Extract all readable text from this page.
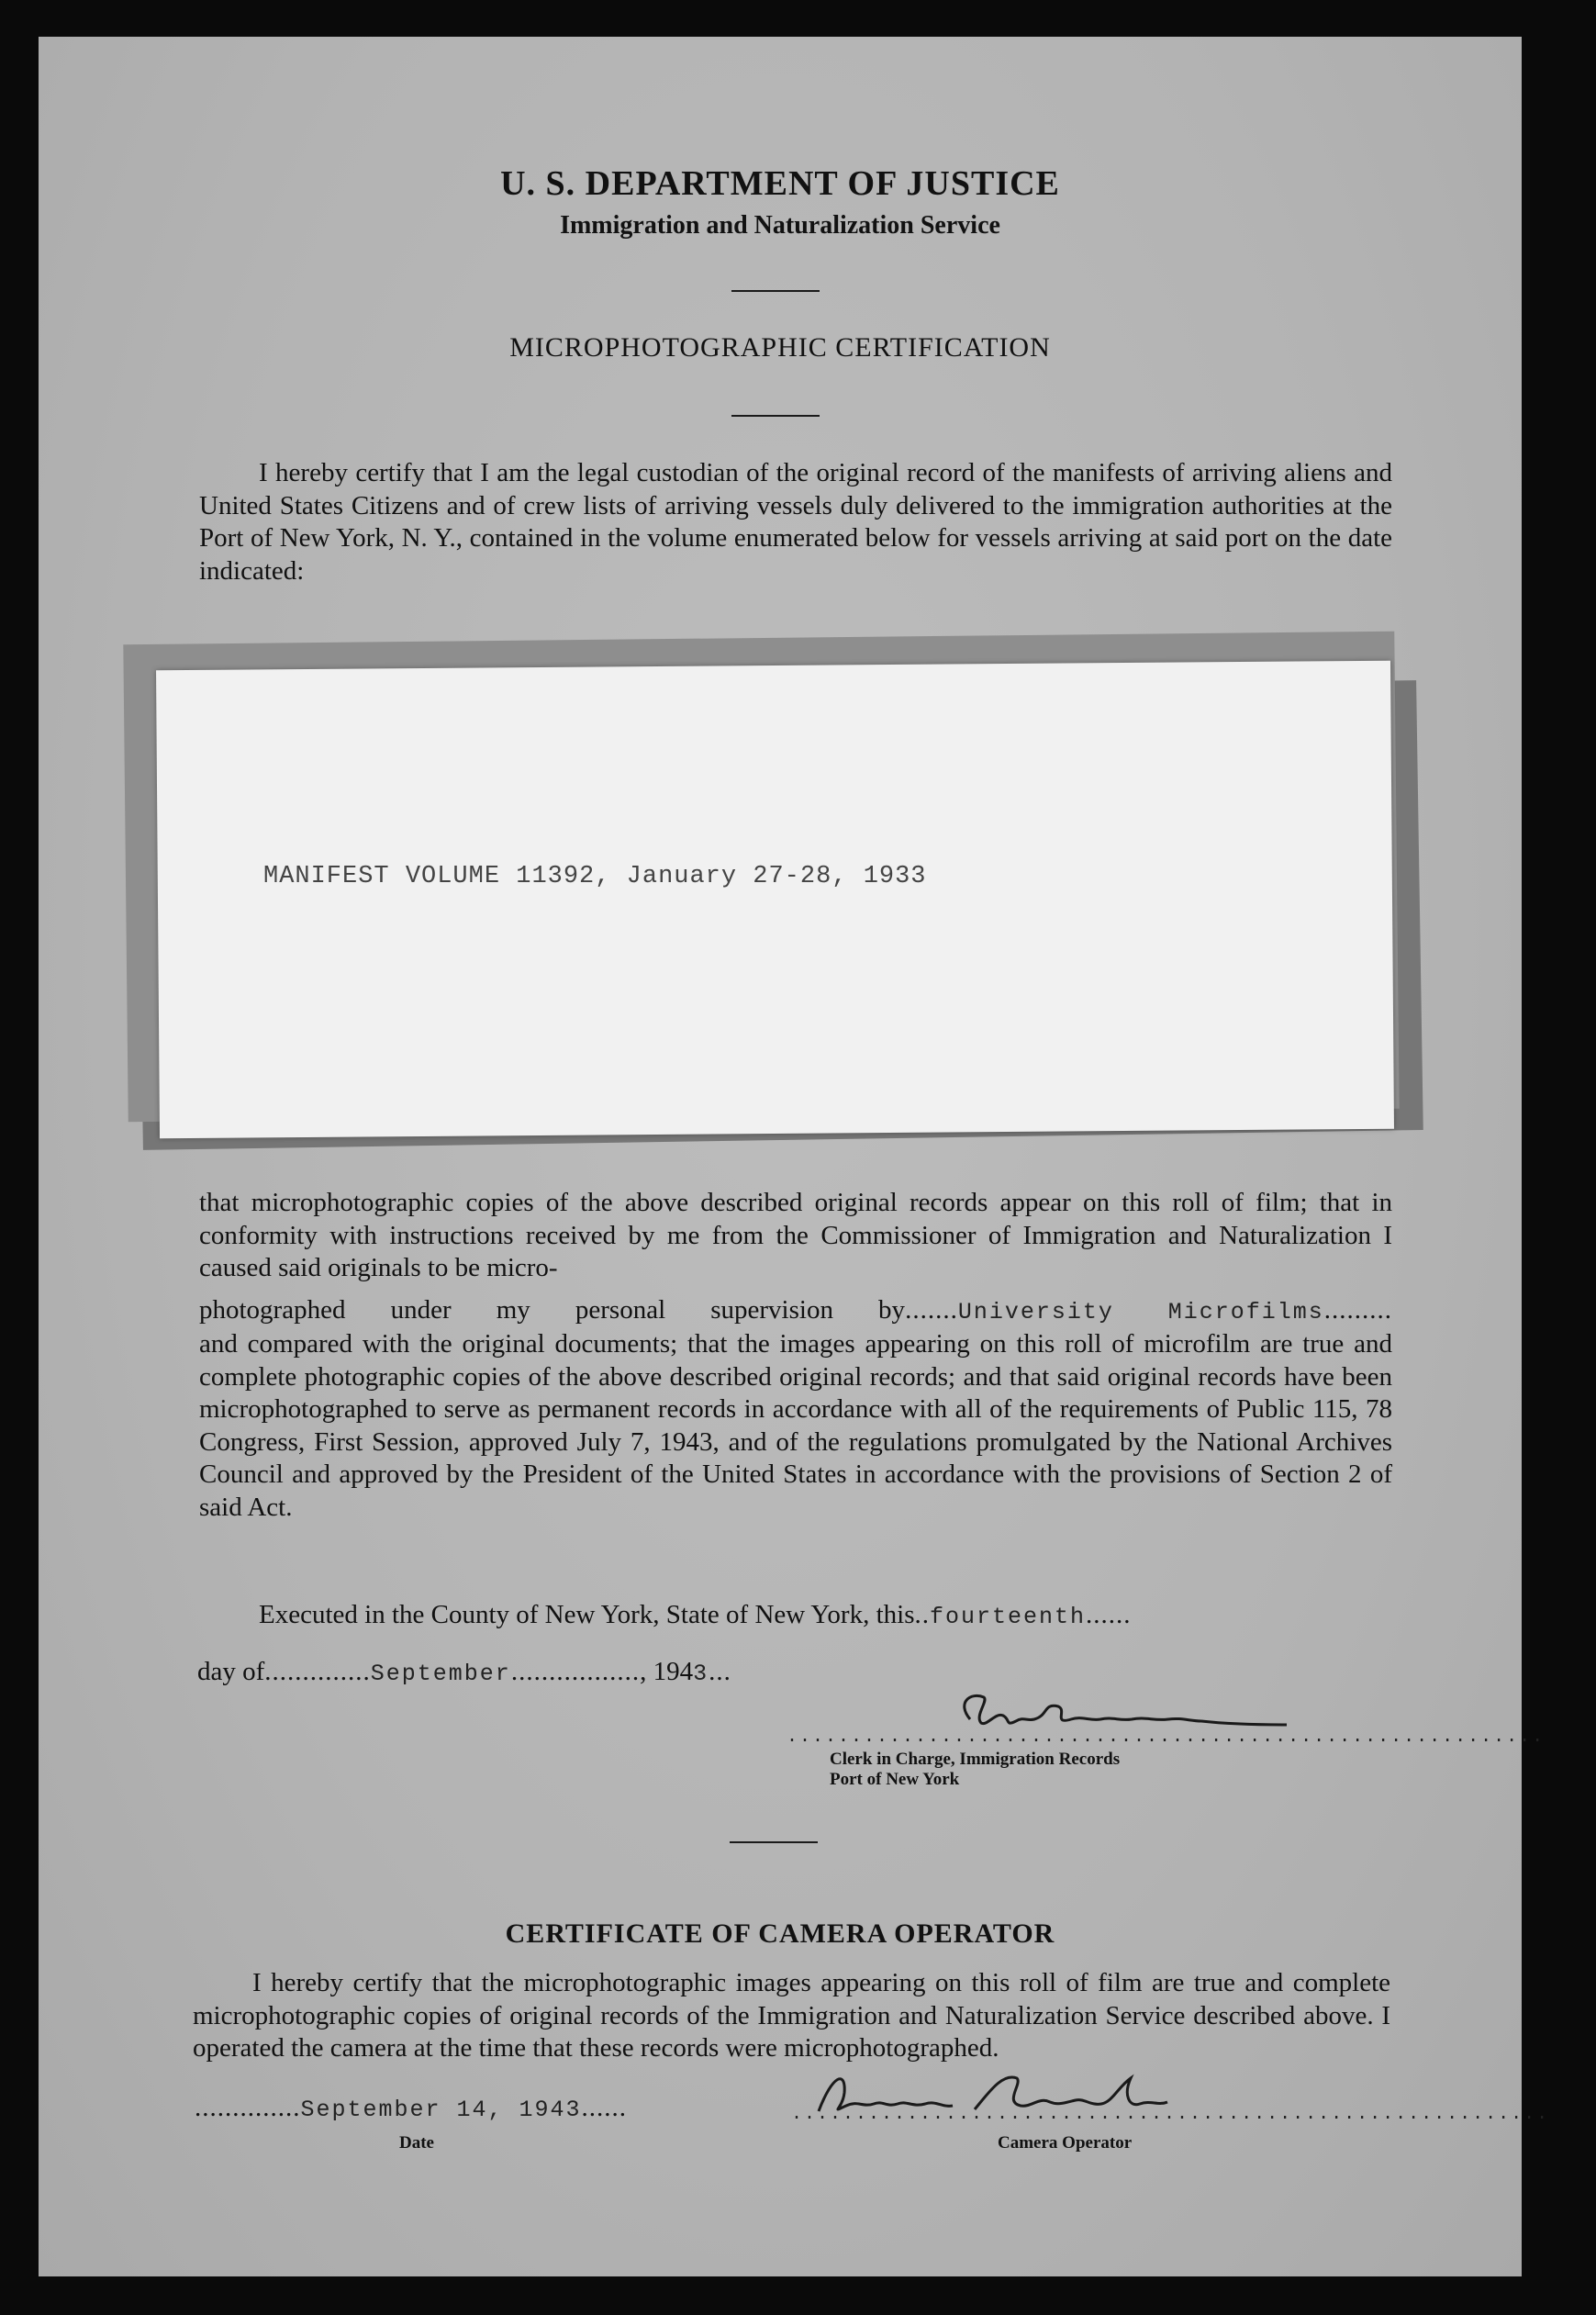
U. S. DEPARTMENT OF JUSTICE
Immigration and Naturalization Service
MICROPHOTOGRAPHIC CERTIFICATION
I hereby certify that I am the legal custodian of the original record of the manifests of arriving aliens and United States Citizens and of crew lists of arriving vessels duly delivered to the immigration authorities at the Port of New York, N. Y., contained in the volume enumerated below for vessels arriving at said port on the date indicated:
MANIFEST VOLUME 11392, January 27-28, 1933
that microphotographic copies of the above described original records appear on this roll of film; that in conformity with instructions received by me from the Commissioner of Immigration and Naturalization I caused said originals to be micro-
photographed under my personal supervision by.......University Microfilms.........
and compared with the original documents; that the images appearing on this roll of microfilm are true and complete photographic copies of the above described original records; and that said original records have been microphotographed to serve as permanent records in accordance with all of the requirements of Public 115, 78 Congress, First Session, approved July 7, 1943, and of the regulations promulgated by the National Archives Council and approved by the President of the United States in accordance with the provisions of Section 2 of said Act.
Executed in the County of New York, State of New York, this..fourteenth......
day of..............September................., 1943...
...........................................................
Clerk in Charge, Immigration Records
Port of New York
CERTIFICATE OF CAMERA OPERATOR
I hereby certify that the microphotographic images appearing on this roll of film are true and complete microphotographic copies of original records of the Immigration and Naturalization Service described above. I operated the camera at the time that these records were microphotographed.
..............September 14, 1943......
Date
...........................................................
Camera Operator
